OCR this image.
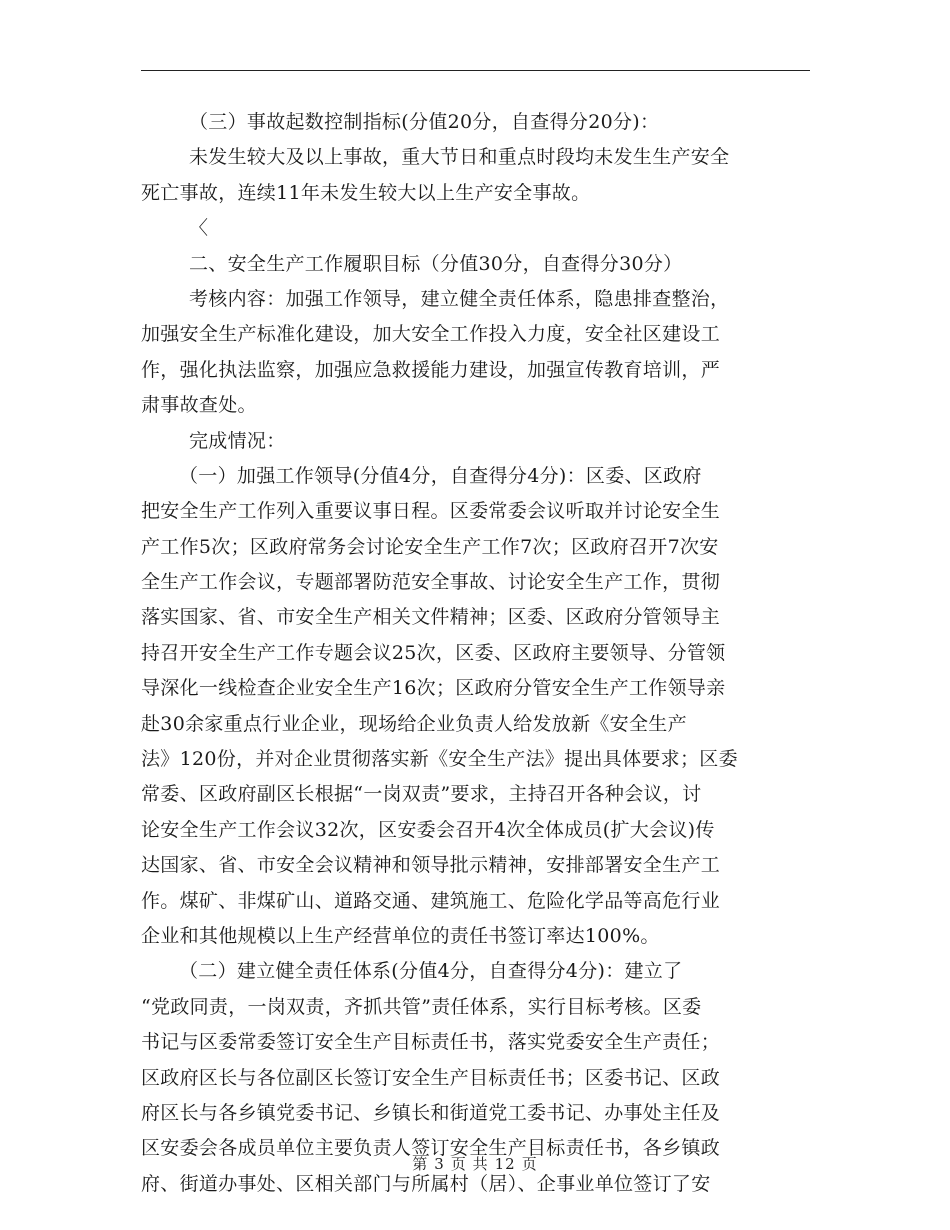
（三）事故起数控制指标(分值20分，自查得分20分)：
未发生较大及以上事故，重大节日和重点时段均未发生生产安全
死亡事故，连续11年未发生较大以上生产安全事故。
〈
二、安全生产工作履职目标（分值30分，自查得分30分）
考核内容：加强工作领导，建立健全责任体系，隐患排查整治，
加强安全生产标准化建设，加大安全工作投入力度，安全社区建设工
作，强化执法监察，加强应急救援能力建设，加强宣传教育培训，严
肃事故查处。
完成情况：
（一）加强工作领导(分值4分，自查得分4分)：区委、区政府
把安全生产工作列入重要议事日程。区委常委会议听取并讨论安全生
产工作5次；区政府常务会讨论安全生产工作7次；区政府召开7次安
全生产工作会议，专题部署防范安全事故、讨论安全生产工作，贯彻
落实国家、省、市安全生产相关文件精神；区委、区政府分管领导主
持召开安全生产工作专题会议25次，区委、区政府主要领导、分管领
导深化一线检查企业安全生产16次；区政府分管安全生产工作领导亲
赴30余家重点行业企业，现场给企业负责人给发放新《安全生产
法》120份，并对企业贯彻落实新《安全生产法》提出具体要求；区委
常委、区政府副区长根据“一岗双责”要求，主持召开各种会议，讨
论安全生产工作会议32次，区安委会召开4次全体成员(扩大会议)传
达国家、省、市安全会议精神和领导批示精神，安排部署安全生产工
作。煤矿、非煤矿山、道路交通、建筑施工、危险化学品等高危行业
企业和其他规模以上生产经营单位的责任书签订率达100%。
（二）建立健全责任体系(分值4分，自查得分4分)：建立了
“党政同责，一岗双责，齐抓共管”责任体系，实行目标考核。区委
书记与区委常委签订安全生产目标责任书，落实党委安全生产责任；
区政府区长与各位副区长签订安全生产目标责任书；区委书记、区政
府区长与各乡镇党委书记、乡镇长和街道党工委书记、办事处主任及
区安委会各成员单位主要负责人签订安全生产目标责任书，各乡镇政
府、街道办事处、区相关部门与所属村（居）、企事业单位签订了安
第 3 页 共 12 页
